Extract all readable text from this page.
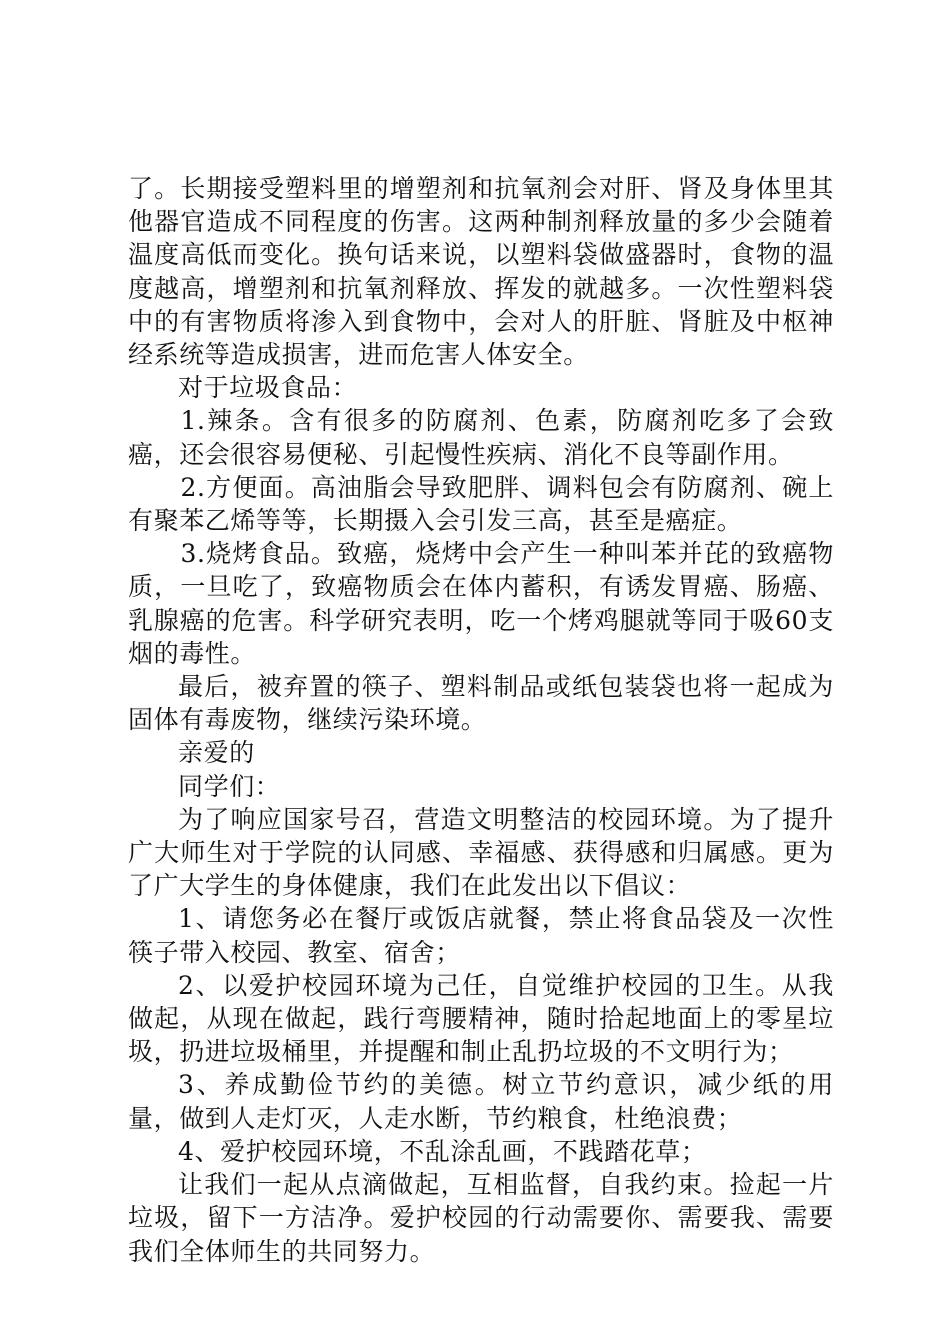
了。长期接受塑料里的增塑剂和抗氧剂会对肝、肾及身体里其他器官造成不同程度的伤害。这两种制剂释放量的多少会随着温度高低而变化。换句话来说，以塑料袋做盛器时，食物的温度越高，增塑剂和抗氧剂释放、挥发的就越多。一次性塑料袋中的有害物质将渗入到食物中，会对人的肝脏、肾脏及中枢神经系统等造成损害，进而危害人体安全。

对于垃圾食品：

1.辣条。含有很多的防腐剂、色素，防腐剂吃多了会致癌，还会很容易便秘、引起慢性疾病、消化不良等副作用。

2.方便面。高油脂会导致肥胖、调料包会有防腐剂、碗上有聚苯乙烯等等，长期摄入会引发三高，甚至是癌症。

3.烧烤食品。致癌，烧烤中会产生一种叫苯并芘的致癌物质，一旦吃了，致癌物质会在体内蓄积，有诱发胃癌、肠癌、乳腺癌的危害。科学研究表明，吃一个烤鸡腿就等同于吸60支烟的毒性。

最后，被弃置的筷子、塑料制品或纸包装袋也将一起成为固体有毒废物，继续污染环境。

亲爱的

同学们：

为了响应国家号召，营造文明整洁的校园环境。为了提升广大师生对于学院的认同感、幸福感、获得感和归属感。更为了广大学生的身体健康，我们在此发出以下倡议：

1、请您务必在餐厅或饭店就餐，禁止将食品袋及一次性筷子带入校园、教室、宿舍；

2、以爱护校园环境为己任，自觉维护校园的卫生。从我做起，从现在做起，践行弯腰精神，随时拾起地面上的零星垃圾，扔进垃圾桶里，并提醒和制止乱扔垃圾的不文明行为；

3、养成勤俭节约的美德。树立节约意识，减少纸的用量，做到人走灯灭，人走水断，节约粮食，杜绝浪费；

4、爱护校园环境，不乱涂乱画，不践踏花草；

让我们一起从点滴做起，互相监督，自我约束。捡起一片垃圾，留下一方洁净。爱护校园的行动需要你、需要我、需要我们全体师生的共同努力。
